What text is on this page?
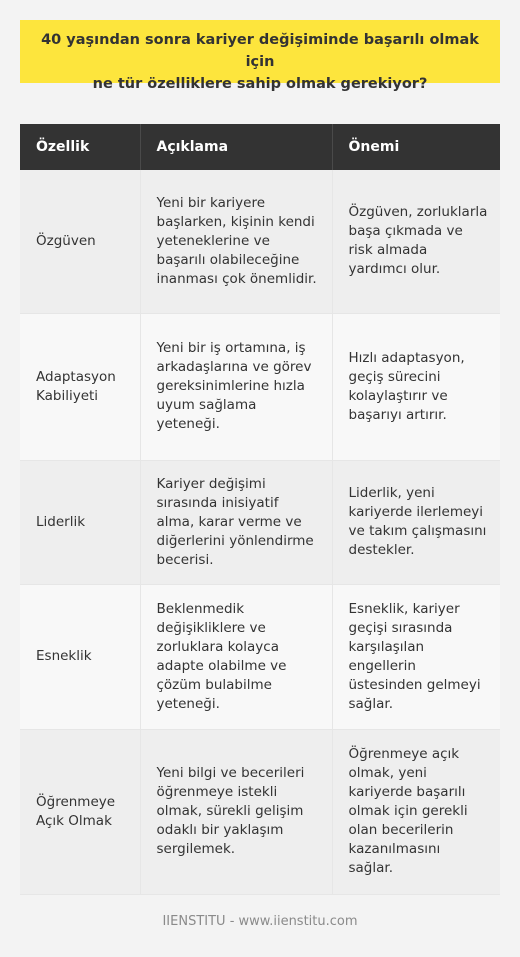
40 yaşından sonra kariyer değişiminde başarılı olmak için
ne tür özelliklere sahip olmak gerekiyor?

Özellik	Açıklama	Önemi
Özgüven	Yeni bir kariyere başlarken, kişinin kendi yeteneklerine ve başarılı olabileceğine inanması çok önemlidir.	Özgüven, zorluklarla başa çıkmada ve risk almada yardımcı olur.
Adaptasyon Kabiliyeti	Yeni bir iş ortamına, iş arkadaşlarına ve görev gereksinimlerine hızla uyum sağlama yeteneği.	Hızlı adaptasyon, geçiş sürecini kolaylaştırır ve başarıyı artırır.
Liderlik	Kariyer değişimi sırasında inisiyatif alma, karar verme ve diğerlerini yönlendirme becerisi.	Liderlik, yeni kariyerde ilerlemeyi ve takım çalışmasını destekler.
Esneklik	Beklenmedik değişikliklere ve zorluklara kolayca adapte olabilme ve çözüm bulabilme yeteneği.	Esneklik, kariyer geçişi sırasında karşılaşılan engellerin üstesinden gelmeyi sağlar.
Öğrenmeye Açık Olmak	Yeni bilgi ve becerileri öğrenmeye istekli olmak, sürekli gelişim odaklı bir yaklaşım sergilemek.	Öğrenmeye açık olmak, yeni kariyerde başarılı olmak için gerekli olan becerilerin kazanılmasını sağlar.
IIENSTITU - www.iienstitu.com
